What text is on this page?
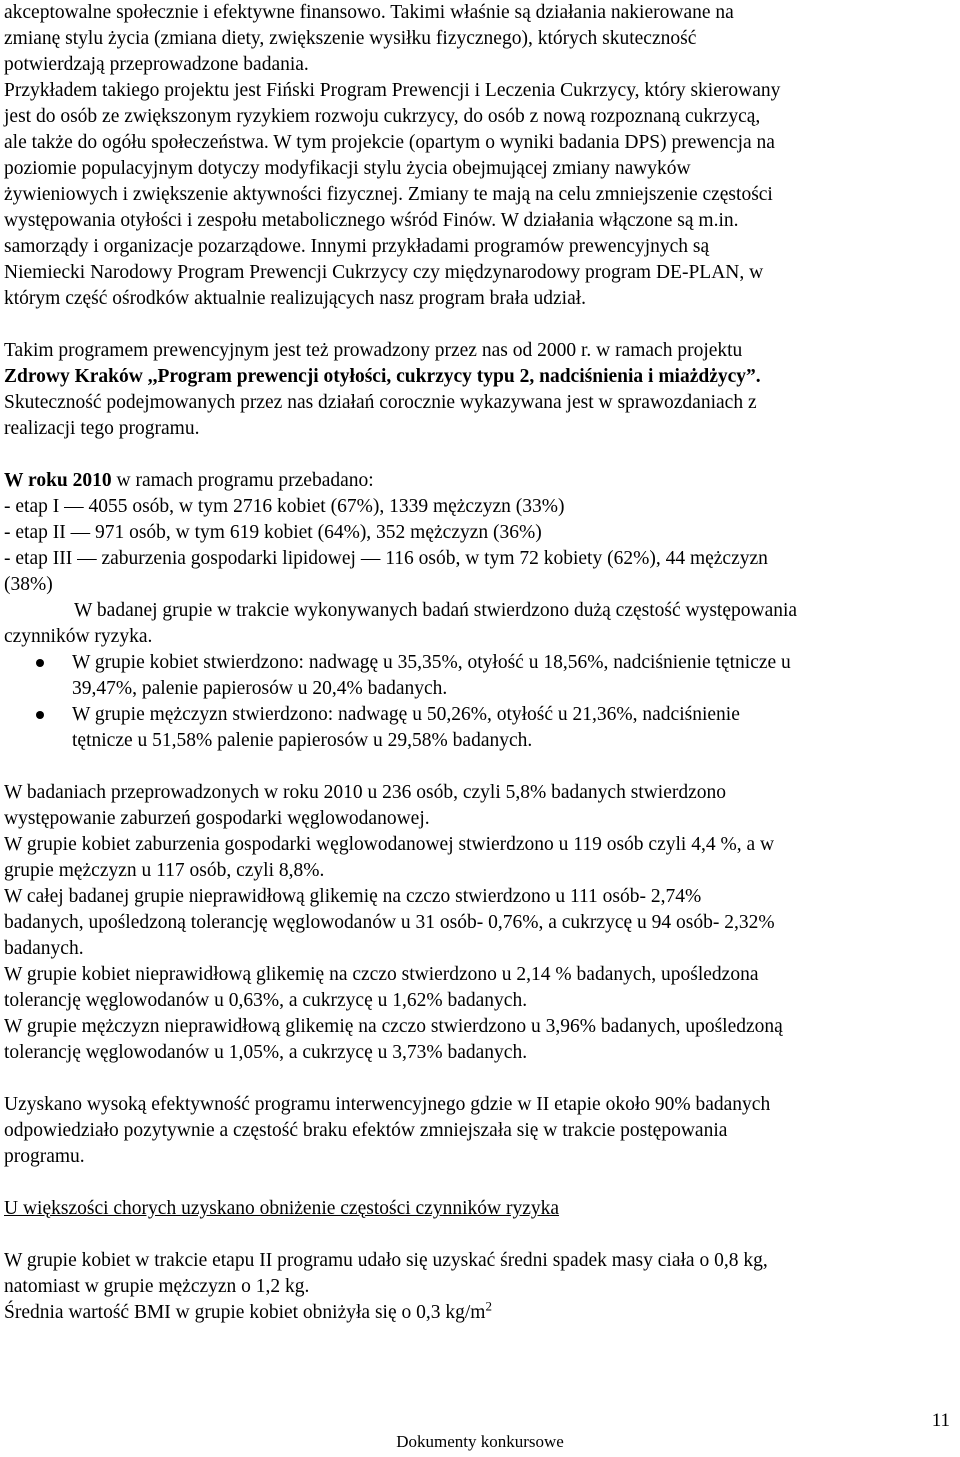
akceptowalne społecznie i efektywne finansowo. Takimi właśnie są działania nakierowane na

zmianę stylu życia (zmiana diety, zwiększenie wysiłku fizycznego), których skuteczność

potwierdzają przeprowadzone badania.

Przykładem takiego projektu jest Fiński Program Prewencji i Leczenia Cukrzycy, który skierowany

jest do osób ze zwiększonym ryzykiem rozwoju cukrzycy, do osób z nową rozpoznaną cukrzycą,

ale także do ogółu społeczeństwa. W tym projekcie (opartym o wyniki badania DPS) prewencja na

poziomie populacyjnym dotyczy modyfikacji stylu życia obejmującej zmiany nawyków

żywieniowych i zwiększenie aktywności fizycznej. Zmiany te mają na celu zmniejszenie częstości

występowania otyłości i zespołu metabolicznego wśród Finów. W działania włączone są m.in.

samorządy i organizacje pozarządowe. Innymi przykładami programów prewencyjnych są

Niemiecki Narodowy Program Prewencji Cukrzycy czy międzynarodowy program DE-PLAN, w

którym część ośrodków aktualnie realizujących nasz program brała udział.

Takim programem prewencyjnym jest też prowadzony przez nas od 2000 r. w ramach projektu

Zdrowy Kraków ,,Program prewencji otyłości, cukrzycy typu 2, nadciśnienia i miażdżycy”.

Skuteczność podejmowanych przez nas działań corocznie wykazywana jest w sprawozdaniach z

realizacji tego programu.

W roku 2010 w ramach programu przebadano:

- etap I — 4055 osób, w tym 2716 kobiet (67%), 1339 mężczyzn (33%)

- etap II — 971 osób, w tym 619 kobiet (64%), 352 mężczyzn (36%)

- etap III — zaburzenia gospodarki lipidowej — 116 osób, w tym 72 kobiety (62%), 44 mężczyzn

(38%)

W badanej grupie w trakcie wykonywanych badań stwierdzono dużą częstość występowania

czynników ryzyka.

W grupie kobiet stwierdzono: nadwagę u 35,35%, otyłość u 18,56%, nadciśnienie tętnicze u
39,47%, palenie papierosów u 20,4% badanych.
W grupie mężczyzn stwierdzono: nadwagę u 50,26%, otyłość u 21,36%, nadciśnienie
tętnicze u 51,58% palenie papierosów u 29,58% badanych.

W badaniach przeprowadzonych w roku 2010 u 236 osób, czyli 5,8% badanych stwierdzono

występowanie zaburzeń gospodarki węglowodanowej.

W grupie kobiet zaburzenia gospodarki węglowodanowej stwierdzono u 119 osób czyli 4,4 %, a w

grupie mężczyzn u 117 osób, czyli 8,8%.

W całej badanej grupie nieprawidłową glikemię na czczo stwierdzono u 111 osób- 2,74%

badanych, upośledzoną tolerancję węglowodanów u 31 osób- 0,76%, a cukrzycę u 94 osób- 2,32%

badanych.

W grupie kobiet nieprawidłową glikemię na czczo stwierdzono u 2,14 % badanych, upośledzona

tolerancję węglowodanów u 0,63%, a cukrzycę u 1,62% badanych.

W grupie mężczyzn nieprawidłową glikemię na czczo stwierdzono u 3,96% badanych, upośledzoną

tolerancję węglowodanów u 1,05%, a cukrzycę u 3,73% badanych.

Uzyskano wysoką efektywność programu interwencyjnego gdzie w II etapie około 90% badanych

odpowiedziało pozytywnie a częstość braku efektów zmniejszała się w trakcie postępowania

programu.

U większości chorych uzyskano obniżenie częstości czynników ryzyka

W grupie kobiet w trakcie etapu II programu udało się uzyskać średni spadek masy ciała o 0,8 kg,

natomiast w grupie mężczyzn o 1,2 kg.

Średnia wartość BMI w grupie kobiet obniżyła się o 0,3 $kg/m^2$

11
Dokumenty konkursowe
